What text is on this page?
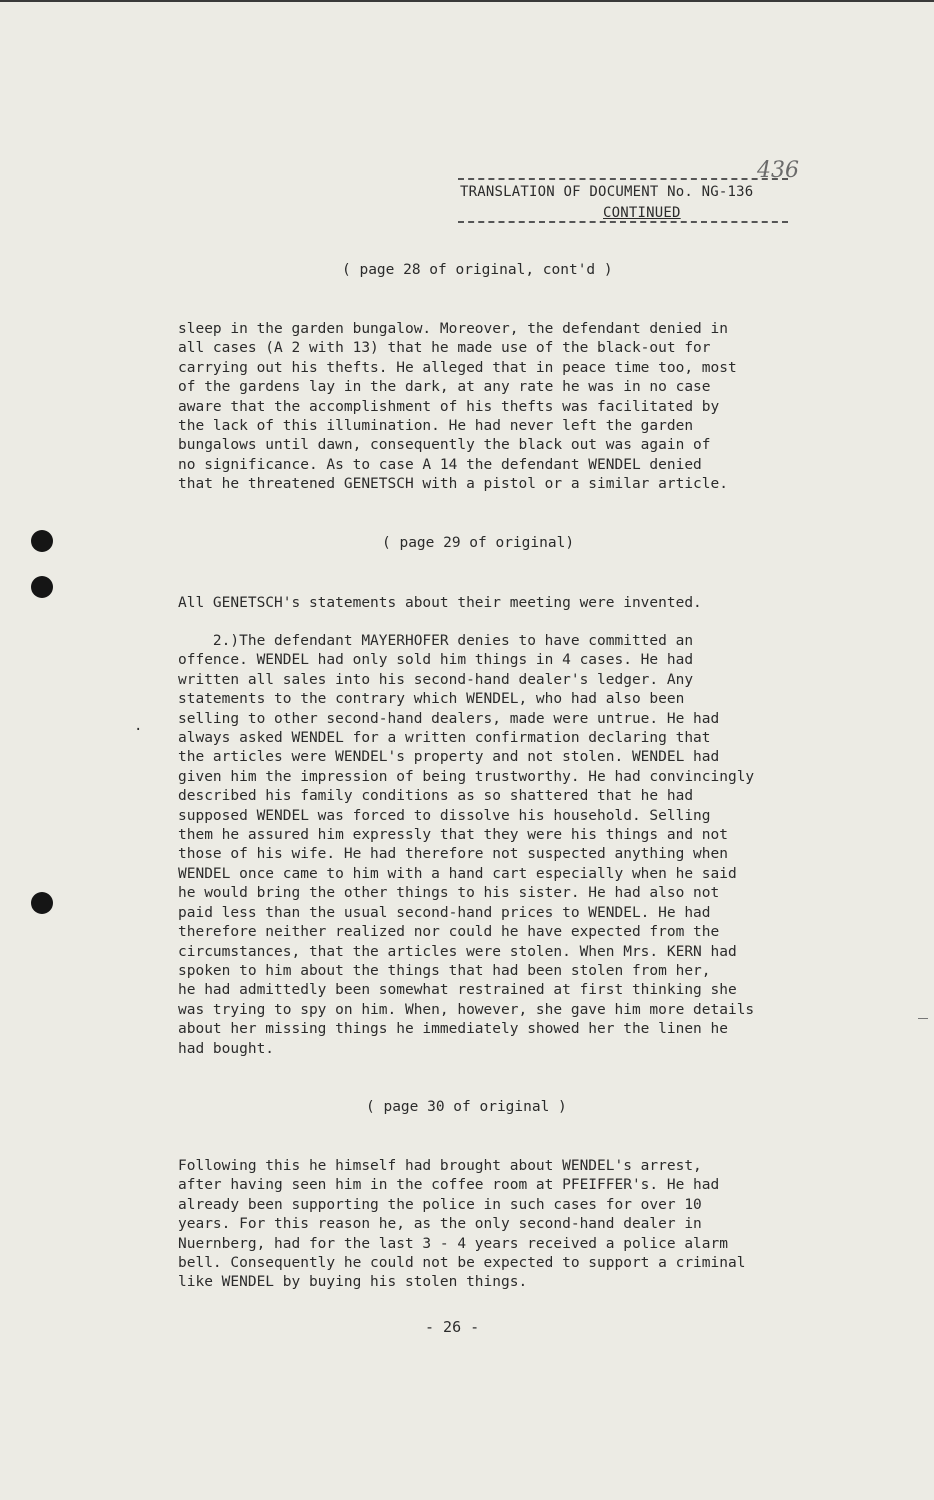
436
TRANSLATION OF DOCUMENT No. NG-136
CONTINUED
( page 28 of original, cont'd )
sleep in the garden bungalow. Moreover, the defendant denied in
all cases (A 2 with 13) that he made use of the black-out for
carrying out his thefts. He alleged that in peace time too, most
of the gardens lay in the dark, at any rate he was in no case
aware that the accomplishment of his thefts was facilitated by
the lack of this illumination. He had never left the garden
bungalows until dawn, consequently the black out was again of
no significance. As to case A 14 the defendant WENDEL denied
that he threatened GENETSCH with a pistol or a similar article.
( page 29 of original)
All GENETSCH's statements about their meeting were invented.
2.)The defendant MAYERHOFER denies to have committed an
offence. WENDEL had only sold him things in 4 cases. He had
written all sales into his second-hand dealer's ledger. Any
statements to the contrary which WENDEL, who had also been
selling to other second-hand dealers, made were untrue. He had
always asked WENDEL for a written confirmation declaring that
the articles were WENDEL's property and not stolen. WENDEL had
given him the impression of being trustworthy. He had convincingly
described his family conditions as so shattered that he had
supposed WENDEL was forced to dissolve his household. Selling
them he assured him expressly that they were his things and not
those of his wife. He had therefore not suspected anything when
WENDEL once came to him with a hand cart especially when he said
he would bring the other things to his sister. He had also not
paid less than the usual second-hand prices to WENDEL. He had
therefore neither realized nor could he have expected from the
circumstances, that the articles were stolen. When Mrs. KERN had
spoken to him about the things that had been stolen from her,
he had admittedly been somewhat restrained at first thinking she
was trying to spy on him. When, however, she gave him more details
about her missing things he immediately showed her the linen he
had bought.
.
( page 30 of original )
Following this he himself had brought about WENDEL's arrest,
after having seen him in the coffee room at PFEIFFER's. He had
already been supporting the police in such cases for over 10
years. For this reason he, as the only second-hand dealer in
Nuernberg, had for the last 3 - 4 years received a police alarm
bell. Consequently he could not be expected to support a criminal
like WENDEL by buying his stolen things.
- 26 -
